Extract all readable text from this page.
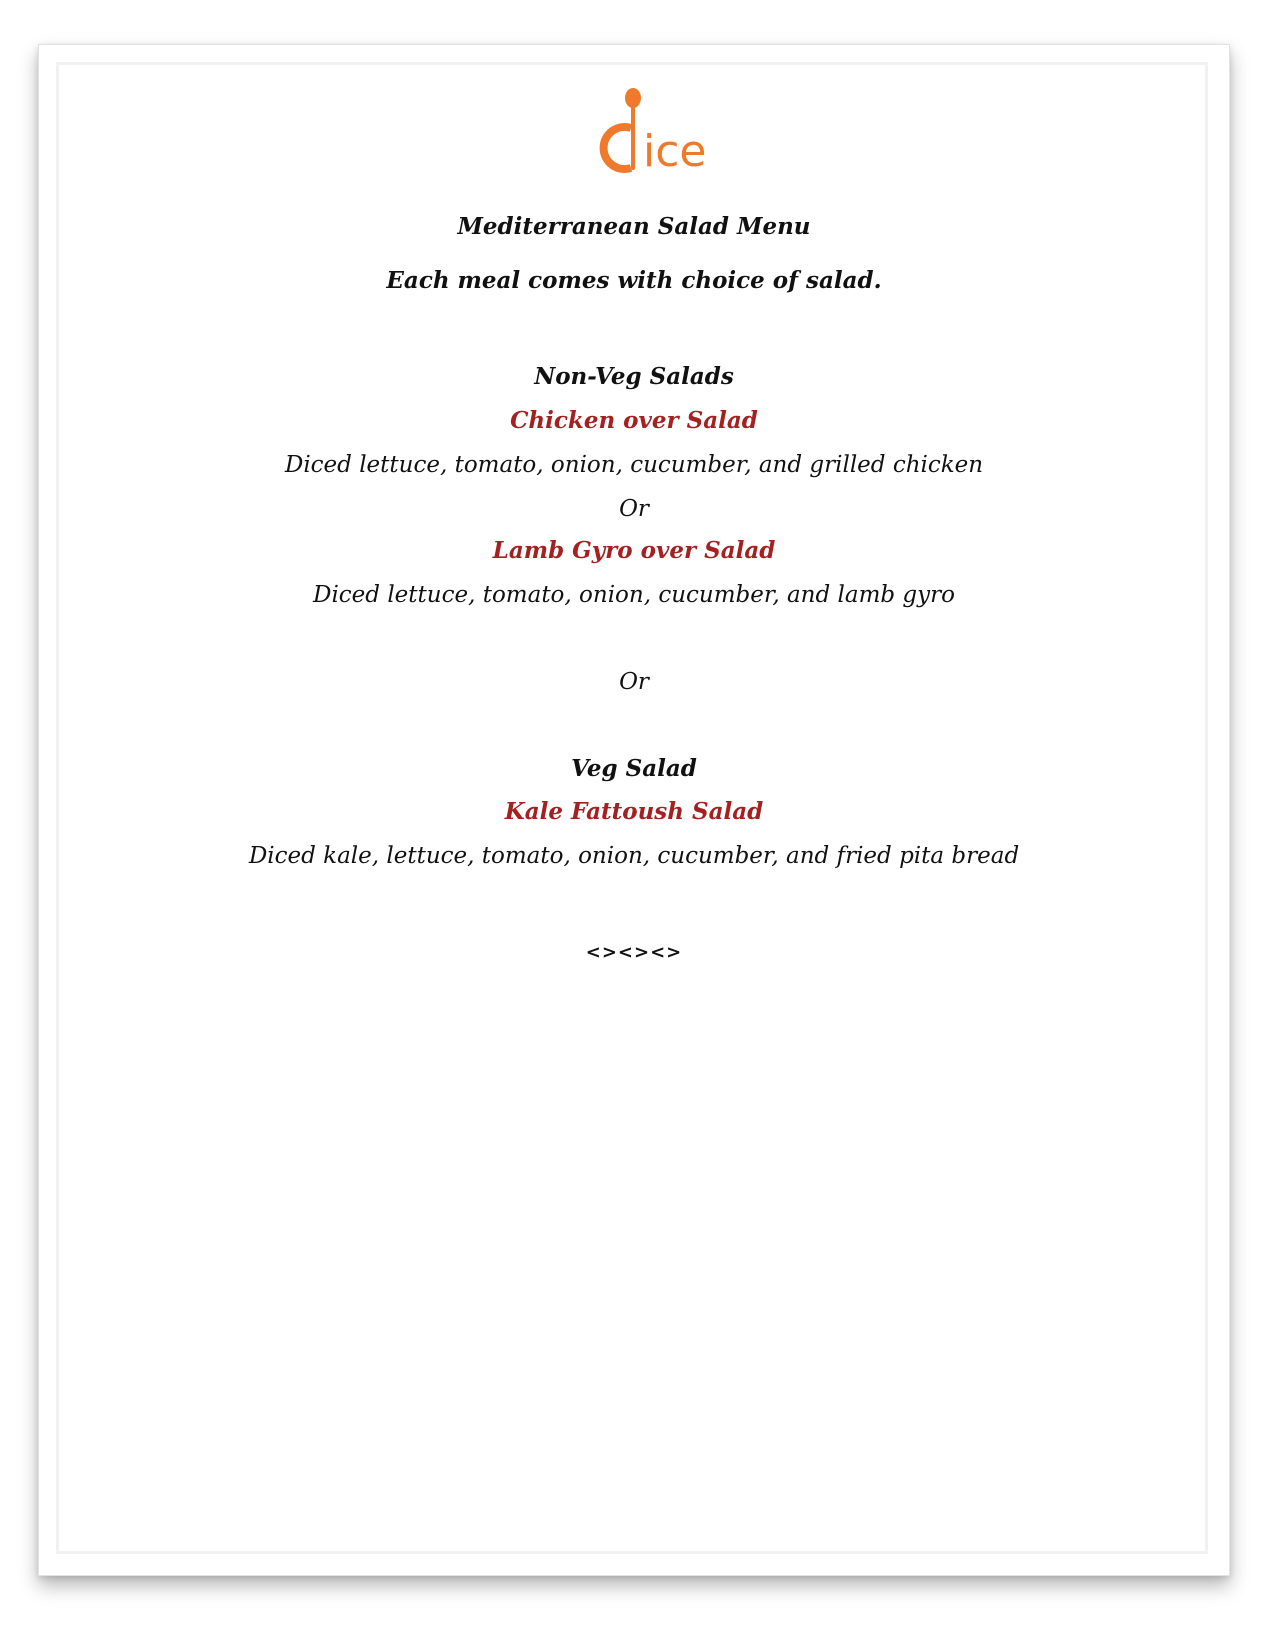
ice

Mediterranean Salad Menu

Each meal comes with choice of salad.

Non-Veg Salads

Chicken over Salad

Diced lettuce, tomato, onion, cucumber, and grilled chicken

Or

Lamb Gyro over Salad

Diced lettuce, tomato, onion, cucumber, and lamb gyro

Or

Veg Salad

Kale Fattoush Salad

Diced kale, lettuce, tomato, onion, cucumber, and fried pita bread

<><><>
